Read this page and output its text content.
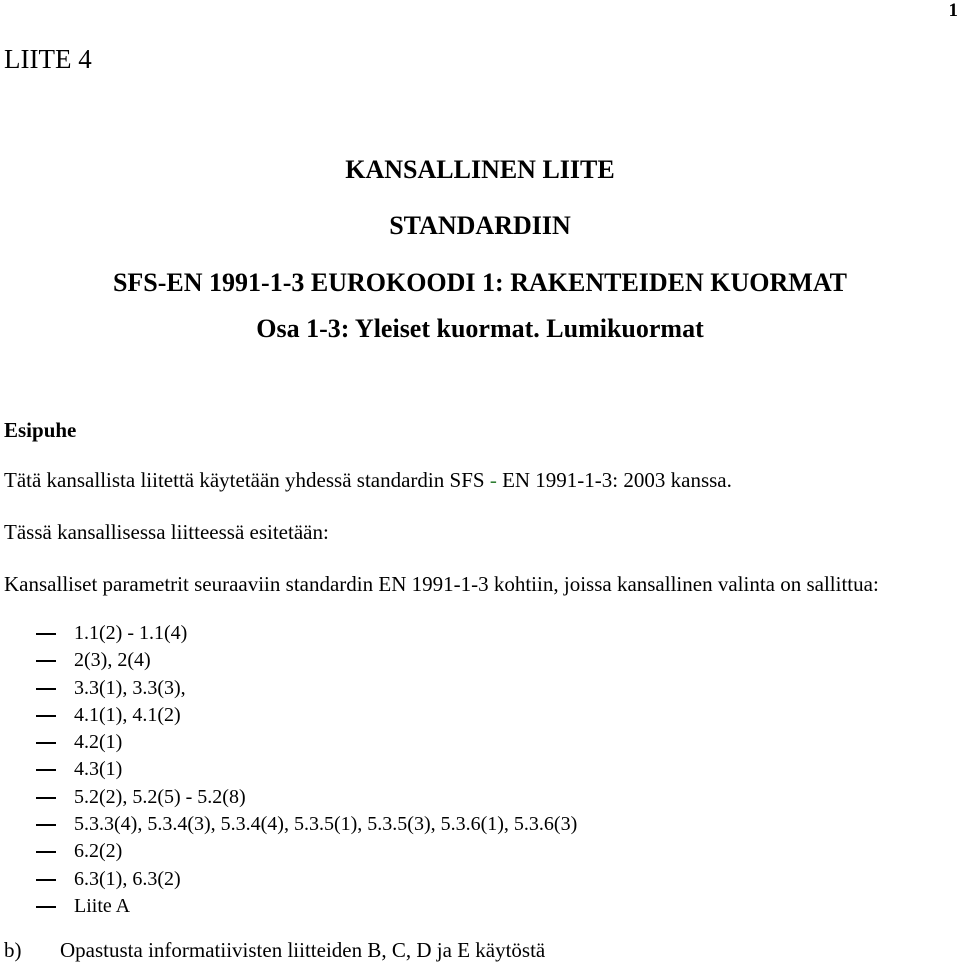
1
LIITE 4
KANSALLINEN LIITE
STANDARDIIN
SFS-EN 1991-1-3 EUROKOODI 1: RAKENTEIDEN KUORMAT
Osa 1-3: Yleiset kuormat. Lumikuormat
Esipuhe
Tätä kansallista liitettä käytetään yhdessä standardin SFS - EN 1991-1-3: 2003 kanssa.
Tässä kansallisessa liitteessä esitetään:
Kansalliset parametrit seuraaviin standardin EN 1991-1-3 kohtiin, joissa kansallinen valinta on sallittua:
1.1(2) - 1.1(4)
2(3), 2(4)
3.3(1), 3.3(3),
4.1(1), 4.1(2)
4.2(1)
4.3(1)
5.2(2), 5.2(5) - 5.2(8)
5.3.3(4), 5.3.4(3), 5.3.4(4), 5.3.5(1), 5.3.5(3), 5.3.6(1), 5.3.6(3)
6.2(2)
6.3(1), 6.3(2)
Liite A
b) Opastusta informatiivisten liitteiden B, C, D ja E käytöstä
